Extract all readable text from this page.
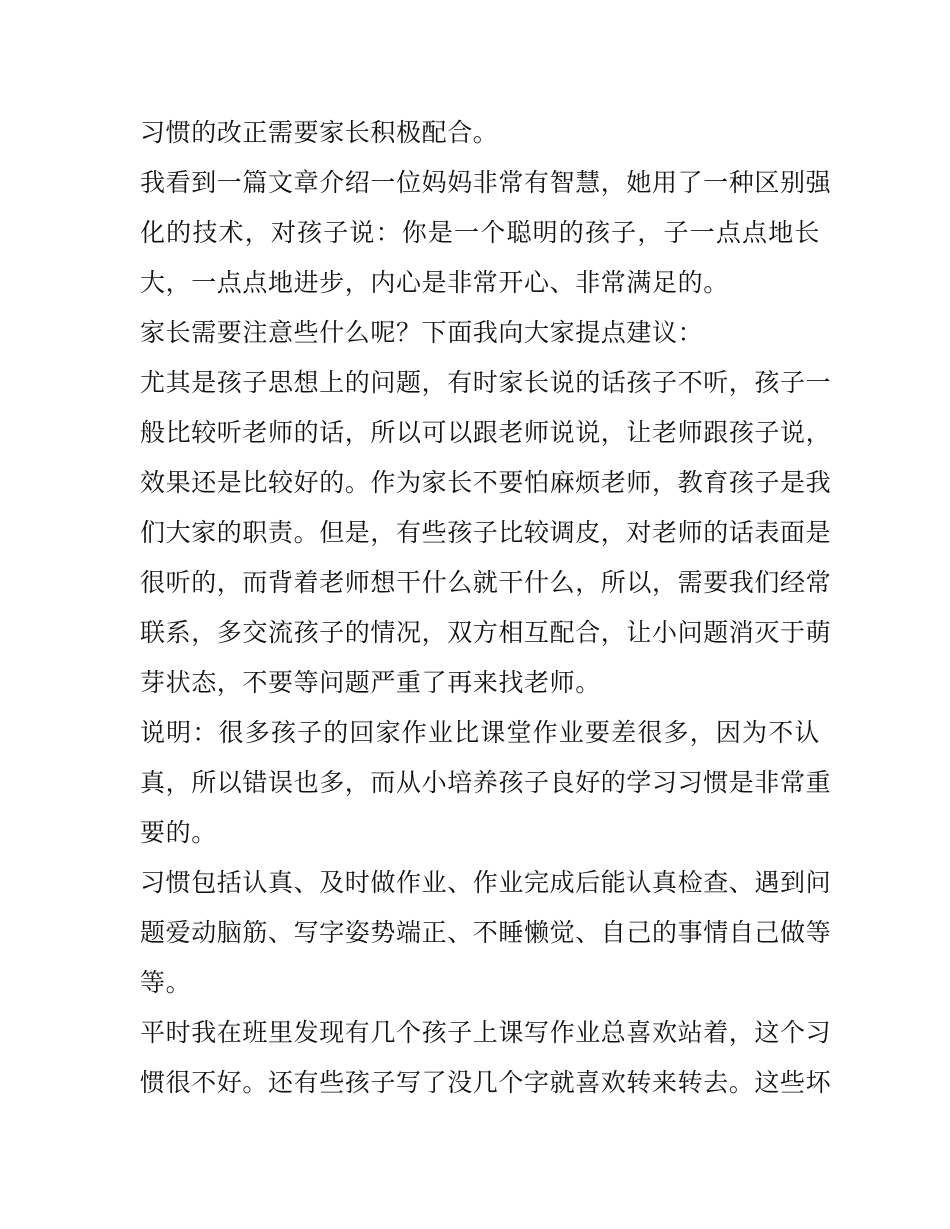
习惯的改正需要家长积极配合。

我看到一篇文章介绍一位妈妈非常有智慧，她用了一种区别强
化的技术，对孩子说：你是一个聪明的孩子，子一点点地长
大，一点点地进步，内心是非常开心、非常满足的。

家长需要注意些什么呢？下面我向大家提点建议：

尤其是孩子思想上的问题，有时家长说的话孩子不听，孩子一
般比较听老师的话，所以可以跟老师说说，让老师跟孩子说，
效果还是比较好的。作为家长不要怕麻烦老师，教育孩子是我
们大家的职责。但是，有些孩子比较调皮，对老师的话表面是
很听的，而背着老师想干什么就干什么，所以，需要我们经常
联系，多交流孩子的情况，双方相互配合，让小问题消灭于萌
芽状态，不要等问题严重了再来找老师。

说明：很多孩子的回家作业比课堂作业要差很多，因为不认
真，所以错误也多，而从小培养孩子良好的学习习惯是非常重
要的。

习惯包括认真、及时做作业、作业完成后能认真检查、遇到问
题爱动脑筋、写字姿势端正、不睡懒觉、自己的事情自己做等
等。

平时我在班里发现有几个孩子上课写作业总喜欢站着，这个习
惯很不好。还有些孩子写了没几个字就喜欢转来转去。这些坏
